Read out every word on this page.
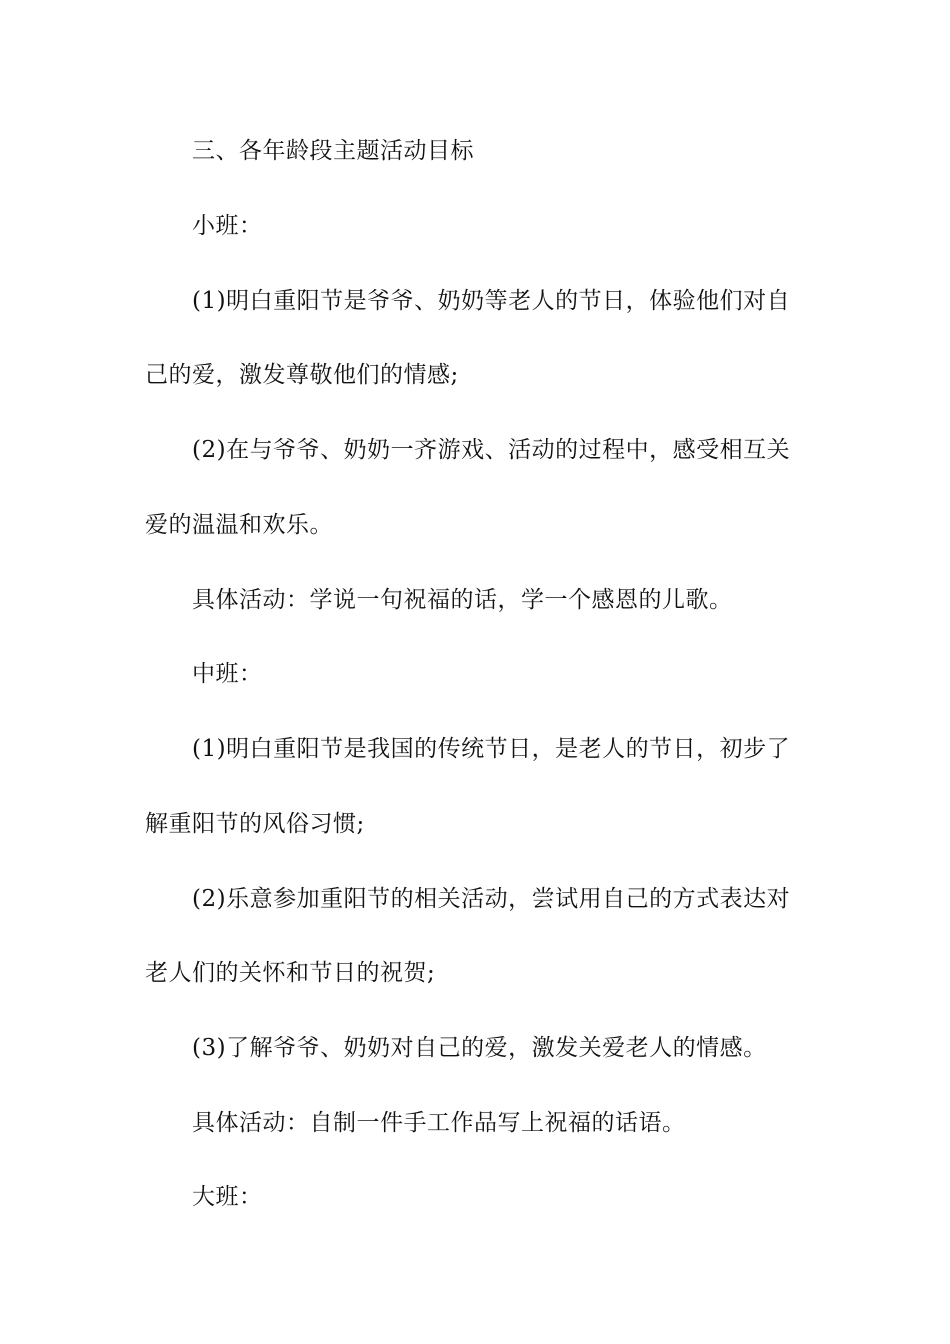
三、各年龄段主题活动目标

小班：

(1)明白重阳节是爷爷、奶奶等老人的节日，体验他们对自

己的爱，激发尊敬他们的情感;

(2)在与爷爷、奶奶一齐游戏、活动的过程中，感受相互关

爱的温温和欢乐。

具体活动：学说一句祝福的话，学一个感恩的儿歌。

中班：

(1)明白重阳节是我国的传统节日，是老人的节日，初步了

解重阳节的风俗习惯;

(2)乐意参加重阳节的相关活动，尝试用自己的方式表达对

老人们的关怀和节日的祝贺;

(3)了解爷爷、奶奶对自己的爱，激发关爱老人的情感。

具体活动：自制一件手工作品写上祝福的话语。

大班：
